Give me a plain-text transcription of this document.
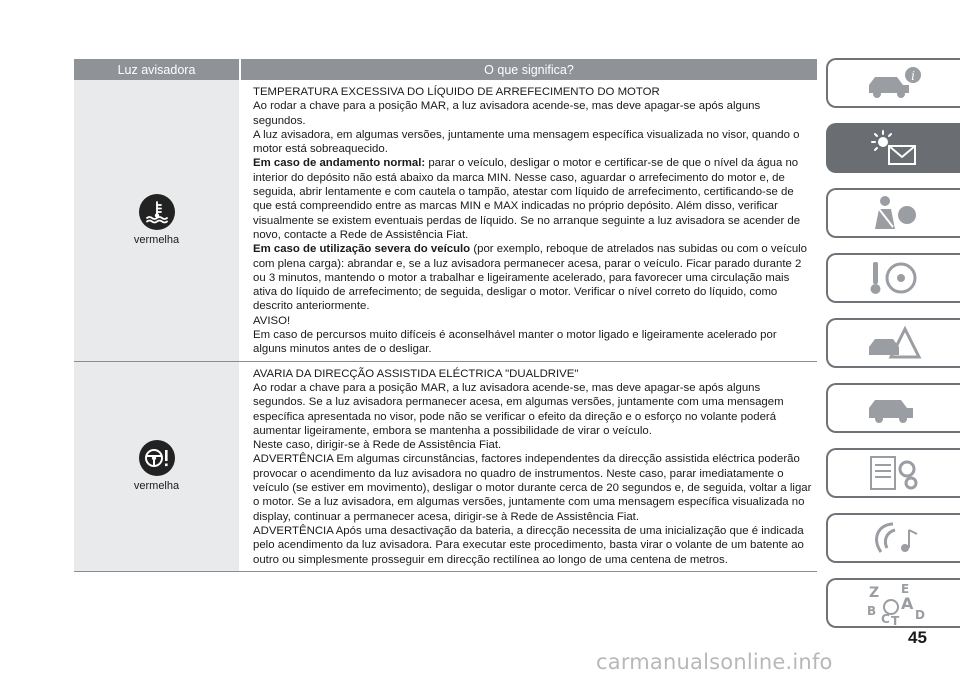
Luz avisadora	O que significa?
vermelha

TEMPERATURA EXCESSIVA DO LÍQUIDO DE ARREFECIMENTO DO MOTOR

Ao rodar a chave para a posição MAR, a luz avisadora acende-se, mas deve apagar-se após alguns segundos.

A luz avisadora, em algumas versões, juntamente uma mensagem específica visualizada no visor, quando o motor está sobreaquecido.

Em caso de andamento normal: parar o veículo, desligar o motor e certificar-se de que o nível da água no interior do depósito não está abaixo da marca MIN. Nesse caso, aguardar o arrefecimento do motor e, de seguida, abrir lentamente e com cautela o tampão, atestar com líquido de arrefecimento, certificando-se de que está compreendido entre as marcas MIN e MAX indicadas no próprio depósito. Além disso, verificar visualmente se existem eventuais perdas de líquido. Se no arranque seguinte a luz avisadora se acender de novo, contacte a Rede de Assistência Fiat.

Em caso de utilização severa do veículo (por exemplo, reboque de atrelados nas subidas ou com o veículo com plena carga): abrandar e, se a luz avisadora permanecer acesa, parar o veículo. Ficar parado durante 2 ou 3 minutos, mantendo o motor a trabalhar e ligeiramente acelerado, para favorecer uma circulação mais ativa do líquido de arrefecimento; de seguida, desligar o motor. Verificar o nível correto do líquido, como descrito anteriormente.

AVISO!

Em caso de percursos muito difíceis é aconselhável manter o motor ligado e ligeiramente acelerado por alguns minutos antes de o desligar.

vermelha

AVARIA DA DIRECÇÃO ASSISTIDA ELÉCTRICA "DUALDRIVE"

Ao rodar a chave para a posição MAR, a luz avisadora acende-se, mas deve apagar-se após alguns segundos. Se a luz avisadora permanecer acesa, em algumas versões, juntamente com uma mensagem específica apresentada no visor, pode não se verificar o efeito da direção e o esforço no volante poderá aumentar ligeiramente, embora se mantenha a possibilidade de virar o veículo.

Neste caso, dirigir-se à Rede de Assistência Fiat.

ADVERTÊNCIA Em algumas circunstâncias, factores independentes da direcção assistida eléctrica poderão provocar o acendimento da luz avisadora no quadro de instrumentos. Neste caso, parar imediatamente o veículo (se estiver em movimento), desligar o motor durante cerca de 20 segundos e, de seguida, voltar a ligar o motor. Se a luz avisadora, em algumas versões, juntamente com uma mensagem específica visualizada no display, continuar a permanecer acesa, dirigir-se à Rede de Assistência Fiat.

ADVERTÊNCIA Após uma desactivação da bateria, a direcção necessita de uma inicialização que é indicada pelo acendimento da luz avisadora. Para executar este procedimento, basta virar o volante de um batente ao outro ou simplesmente prosseguir em direcção rectilínea ao longo de uma centena de metros.

i
Z E
A
B
C T D
45
carmanualsonline.info
